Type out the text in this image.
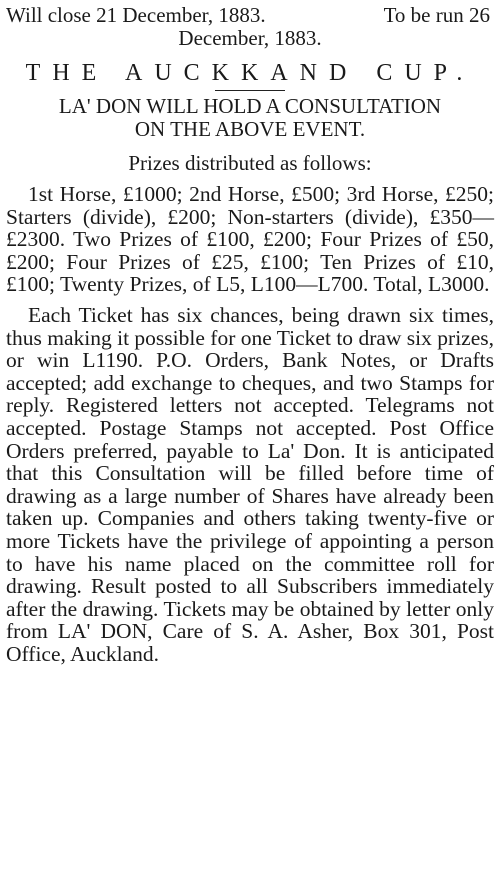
Will close 21 December, 1883.	To be run 26
December, 1883.
THE AUCKKAND CUP.
LA' DON WILL HOLD A CONSULTATION
ON THE ABOVE EVENT.
Prizes distributed as follows:

1st Horse, £1000; 2nd Horse, £500; 3rd Horse, £250; Starters (divide), £200; Non-starters (divide), £350—£2300. Two Prizes of £100, £200; Four Prizes of £50, £200; Four Prizes of £25, £100; Ten Prizes of £10, £100; Twenty Prizes, of L5, L100—L700. Total, L3000.

Each Ticket has six chances, being drawn six times, thus making it possible for one Ticket to draw six prizes, or win L1190. P.O. Orders, Bank Notes, or Drafts accepted; add exchange to cheques, and two Stamps for reply. Registered letters not accepted. Telegrams not accepted. Postage Stamps not accepted. Post Office Orders preferred, payable to La' Don. It is anticipated that this Consultation will be filled before time of drawing as a large number of Shares have already been taken up. Companies and others taking twenty-five or more Tickets have the privilege of appointing a person to have his name placed on the committee roll for drawing. Result posted to all Subscribers immediately after the drawing. Tickets may be obtained by letter only from LA' DON, Care of S. A. Asher, Box 301, Post Office, Auckland.
